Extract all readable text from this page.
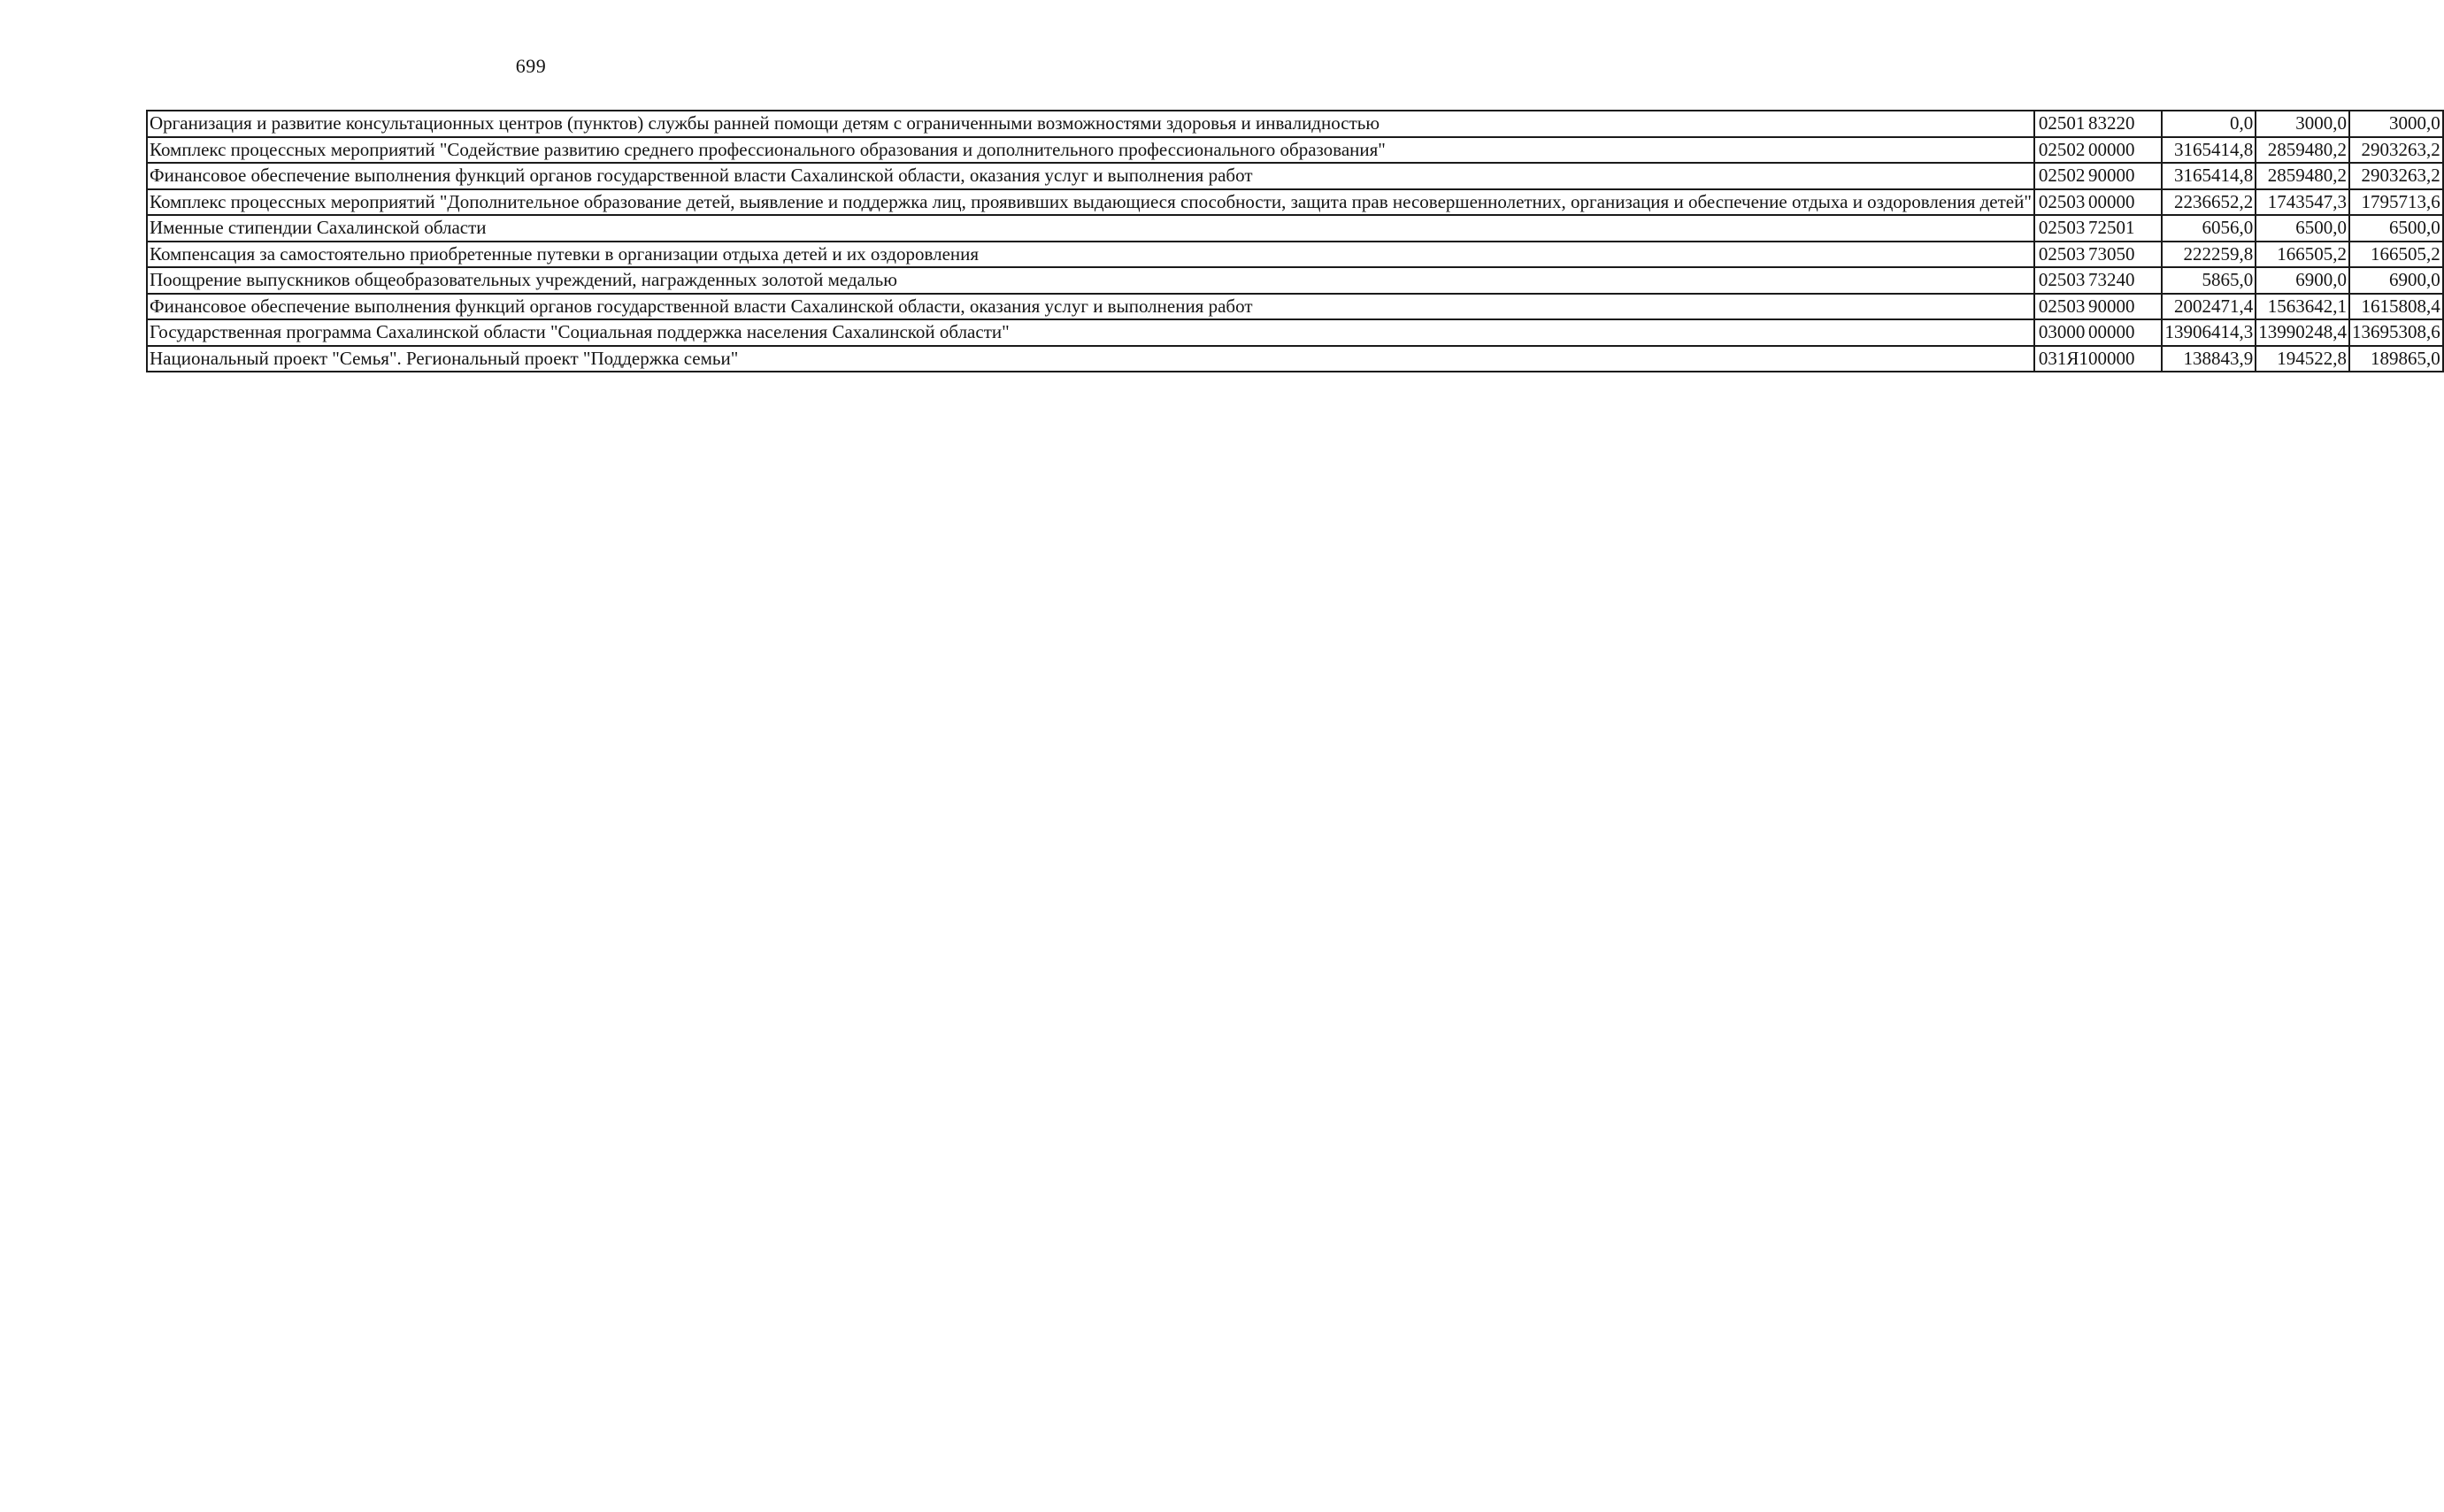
699
Организация и развитие консультационных центров (пунктов) службы ранней помощи детям с ограниченными возможностями здоровья и инвалидностью	02501 83220	0,0	3000,0	3000,0
Комплекс процессных мероприятий "Содействие развитию среднего профессионального образования и дополнительного профессионального образования"	02502 00000	3165414,8	2859480,2	2903263,2
Финансовое обеспечение выполнения функций органов государственной власти Сахалинской области, оказания услуг и выполнения работ	02502 90000	3165414,8	2859480,2	2903263,2
Комплекс процессных мероприятий "Дополнительное образование детей, выявление и поддержка лиц, проявивших выдающиеся способности, защита прав несовершеннолетних, организация и обеспечение отдыха и оздоровления детей"	02503 00000	2236652,2	1743547,3	1795713,6
Именные стипендии Сахалинской области	02503 72501	6056,0	6500,0	6500,0
Компенсация за самостоятельно приобретенные путевки в организации отдыха детей и их оздоровления	02503 73050	222259,8	166505,2	166505,2
Поощрение выпускников общеобразовательных учреждений, награжденных золотой медалью	02503 73240	5865,0	6900,0	6900,0
Финансовое обеспечение выполнения функций органов государственной власти Сахалинской области, оказания услуг и выполнения работ	02503 90000	2002471,4	1563642,1	1615808,4
Государственная программа Сахалинской области "Социальная поддержка населения Сахалинской области"	03000 00000	13906414,3	13990248,4	13695308,6
Национальный проект "Семья". Региональный проект "Поддержка семьи"	031Я1 00000	138843,9	194522,8	189865,0
